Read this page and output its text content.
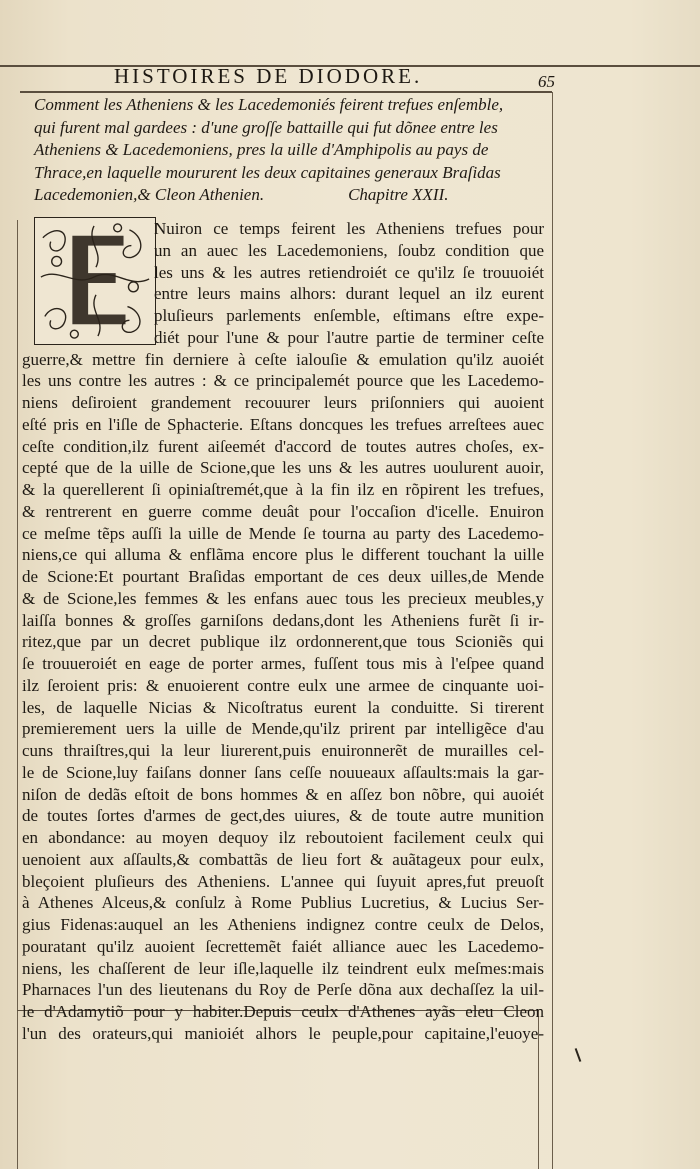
HISTOIRES DE DIODORE.	65
Comment les Atheniens & les Lacedemoniés feirent trefues enſemble,
qui furent mal gardees : d'une groſſe battaille qui fut dõnee entre les
Atheniens & Lacedemoniens, pres la uille d'Amphipolis au pays de
Thrace,en laquelle moururent les deux capitaines generaux Braſidas
Lacedemonien,& Cleon Athenien.	Chapitre XXII.
E
Nuiron ce temps feirent les Atheniens trefues pour
un an auec les Lacedemoniens, ſoubz condition que
les uns & les autres retiendroiét ce qu'ilz ſe trouuoiét
entre leurs mains alhors: durant lequel an ilz eurent
pluſieurs parlements enſemble, eſtimans eſtre expe-
diét pour l'une & pour l'autre partie de terminer ceſte
guerre,& mettre fin derniere à ceſte ialouſie & emulation qu'ilz auoiét
les uns contre les autres : & ce principalemét pource que les Lacedemo-
niens deſiroient grandement recouurer leurs priſonniers qui auoient
eſté pris en l'iſle de Sphacterie. Eſtans doncques les trefues arreſtees auec
ceſte condition,ilz furent aiſeemét d'accord de toutes autres choſes, ex-
cepté que de la uille de Scione,que les uns & les autres uoulurent auoir,
& la querellerent ſi opiniaſtremét,que à la fin ilz en rõpirent les trefues,
& rentrerent en guerre comme deuât pour l'occaſion d'icelle. Enuiron
ce meſme tẽps auſſi la uille de Mende ſe tourna au party des Lacedemo-
niens,ce qui alluma & enflãma encore plus le different touchant la uille
de Scione:Et pourtant Braſidas emportant de ces deux uilles,de Mende
& de Scione,les femmes & les enfans auec tous les precieux meubles,y
laiſſa bonnes & groſſes garniſons dedans,dont les Atheniens furẽt ſi ir-
ritez,que par un decret publique ilz ordonnerent,que tous Scioniẽs qui
ſe trouueroiét en eage de porter armes, fuſſent tous mis à l'eſpee quand
ilz ſeroient pris: & enuoierent contre eulx une armee de cinquante uoi-
les, de laquelle Nicias & Nicoſtratus eurent la conduitte. Si tirerent
premierement uers la uille de Mende,qu'ilz prirent par intelligẽce d'au
cuns thraiſtres,qui la leur liurerent,puis enuironnerẽt de murailles cel-
le de Scione,luy faiſans donner ſans ceſſe nouueaux aſſaults:mais la gar-
niſon de dedãs eſtoit de bons hommes & en aſſez bon nõbre, qui auoiét
de toutes ſortes d'armes de gect,des uiures, & de toute autre munition
en abondance: au moyen dequoy ilz reboutoient facilement ceulx qui
uenoient aux aſſaults,& combattãs de lieu fort & auãtageux pour eulx,
bleçoient pluſieurs des Atheniens. L'annee qui ſuyuit apres,fut preuoſt
à Athenes Alceus,& conſulz à Rome Publius Lucretius, & Lucius Ser-
gius Fidenas:auquel an les Atheniens indignez contre ceulx de Delos,
pouratant qu'ilz auoient ſecrettemẽt faiét alliance auec les Lacedemo-
niens, les chaſſerent de leur iſle,laquelle ilz teindrent eulx meſmes:mais
Pharnaces l'un des lieutenans du Roy de Perſe dõna aux dechaſſez la uil-
le d'Adamytiõ pour y habiter.Depuis ceulx d'Athenes ayãs eleu Cleon
l'un des orateurs,qui manioiét alhors le peuple,pour capitaine,l'euoye-
